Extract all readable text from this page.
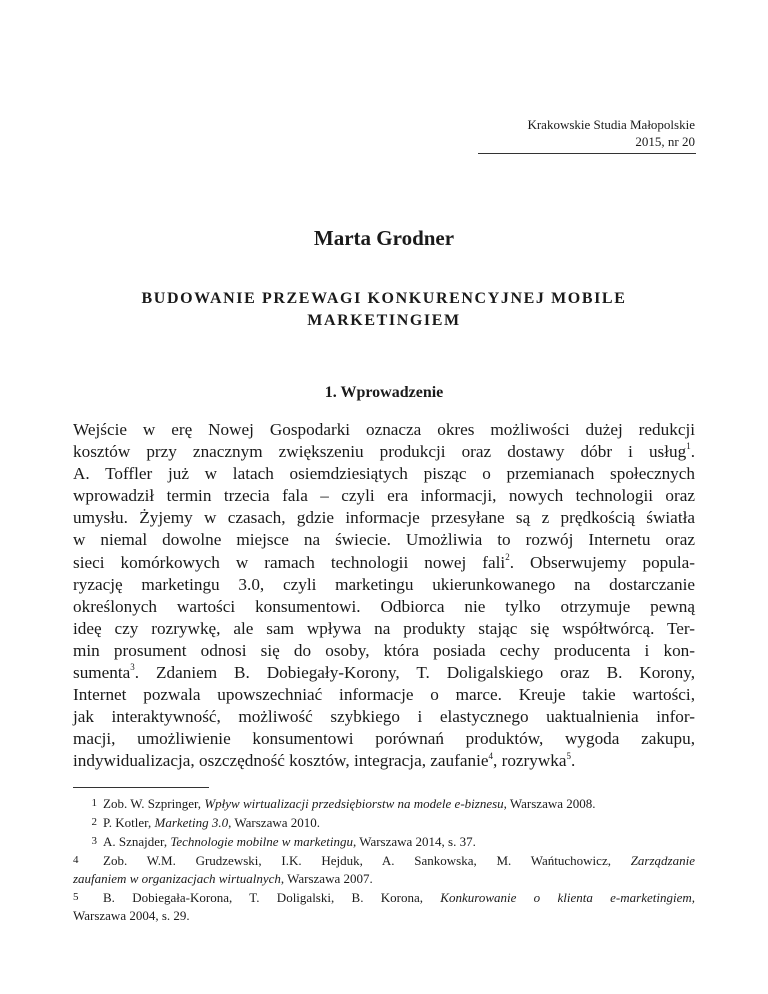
Krakowskie Studia Małopolskie
2015, nr 20
Marta Grodner
BUDOWANIE PRZEWAGI KONKURENCYJNEJ MOBILE
MARKETINGIEM
1. Wprowadzenie
Wejście w erę Nowej Gospodarki oznacza okres możliwości dużej redukcji
kosztów przy znacznym zwiększeniu produkcji oraz dostawy dóbr i usług$^1$.
A. Toffler już w latach osiemdziesiątych pisząc o przemianach społecznych
wprowadził termin trzecia fala – czyli era informacji, nowych technologii oraz
umysłu. Żyjemy w czasach, gdzie informacje przesyłane są z prędkością światła
w niemal dowolne miejsce na świecie. Umożliwia to rozwój Internetu oraz
sieci komórkowych w ramach technologii nowej fali$^2$. Obserwujemy popula-
ryzację marketingu 3.0, czyli marketingu ukierunkowanego na dostarczanie
określonych wartości konsumentowi. Odbiorca nie tylko otrzymuje pewną
ideę czy rozrywkę, ale sam wpływa na produkty stając się współtwórcą. Ter-
min prosument odnosi się do osoby, która posiada cechy producenta i kon-
sumenta$^3$. Zdaniem B. Dobiegały-Korony, T. Doligalskiego oraz B. Korony,
Internet pozwala upowszechniać informacje o marce. Kreuje takie wartości,
jak interaktywność, możliwość szybkiego i elastycznego uaktualnienia infor-
macji, umożliwienie konsumentowi porównań produktów, wygoda zakupu,
indywidualizacja, oszczędność kosztów, integracja, zaufanie$^4$, rozrywka$^5$.
1 Zob. W. Szpringer, Wpływ wirtualizacji przedsiębiorstw na modele e-biznesu, Warszawa 2008.
2 P. Kotler, Marketing 3.0, Warszawa 2010.
3 A. Sznajder, Technologie mobilne w marketingu, Warszawa 2014, s. 37.
4 Zob. W.M. Grudzewski, I.K. Hejduk, A. Sankowska, M. Wańtuchowicz, Zarządzanie
zaufaniem w organizacjach wirtualnych, Warszawa 2007.
5 B. Dobiegała-Korona, T. Doligalski, B. Korona, Konkurowanie o klienta e-marketingiem,
Warszawa 2004, s. 29.
